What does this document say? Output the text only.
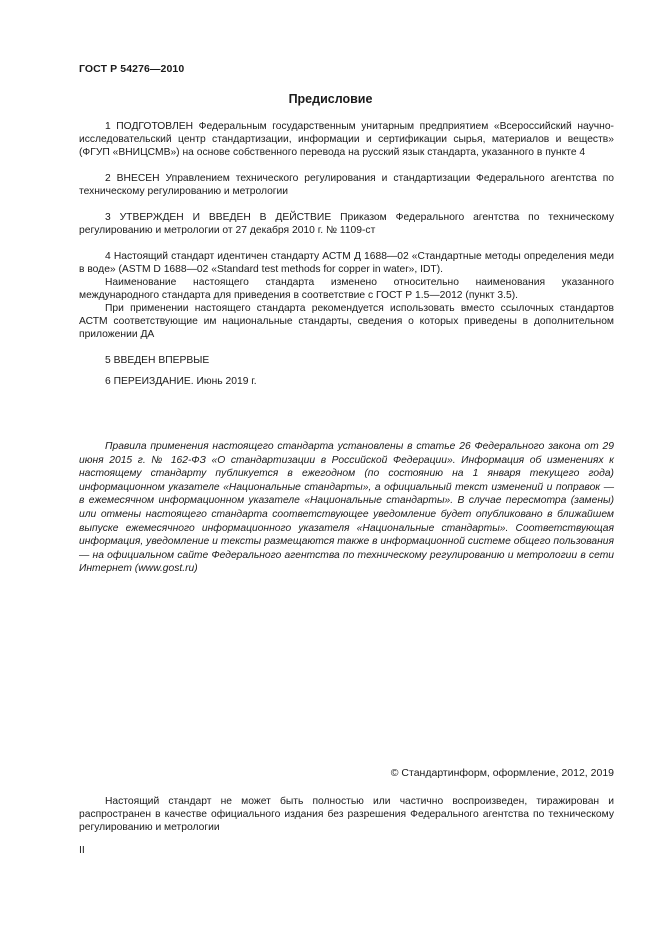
ГОСТ Р 54276—2010
Предисловие

1 ПОДГОТОВЛЕН Федеральным государственным унитарным предприятием «Всероссийский научно-исследовательский центр стандартизации, информации и сертификации сырья, материалов и веществ» (ФГУП «ВНИЦСМВ») на основе собственного перевода на русский язык стандарта, указанного в пункте 4

2 ВНЕСЕН Управлением технического регулирования и стандартизации Федерального агентства по техническому регулированию и метрологии

3 УТВЕРЖДЕН И ВВЕДЕН В ДЕЙСТВИЕ Приказом Федерального агентства по техническому регулированию и метрологии от 27 декабря 2010 г. № 1109-ст

4 Настоящий стандарт идентичен стандарту АСТМ Д 1688—02 «Стандартные методы определения меди в воде» (ASTM D 1688—02 «Standard test methods for copper in water», IDT).

Наименование настоящего стандарта изменено относительно наименования указанного международного стандарта для приведения в соответствие с ГОСТ Р 1.5—2012 (пункт 3.5).

При применении настоящего стандарта рекомендуется использовать вместо ссылочных стандартов АСТМ соответствующие им национальные стандарты, сведения о которых приведены в дополнительном приложении ДА

5 ВВЕДЕН ВПЕРВЫЕ

6 ПЕРЕИЗДАНИЕ. Июнь 2019 г.

Правила применения настоящего стандарта установлены в статье 26 Федерального закона от 29 июня 2015 г. № 162-ФЗ «О стандартизации в Российской Федерации». Информация об изменениях к настоящему стандарту публикуется в ежегодном (по состоянию на 1 января текущего года) информационном указателе «Национальные стандарты», а официальный текст изменений и поправок — в ежемесячном информационном указателе «Национальные стандарты». В случае пересмотра (замены) или отмены настоящего стандарта соответствующее уведомление будет опубликовано в ближайшем выпуске ежемесячного информационного указателя «Национальные стандарты». Соответствующая информация, уведомление и тексты размещаются также в информационной системе общего пользования — на официальном сайте Федерального агентства по техническому регулированию и метрологии в сети Интернет (www.gost.ru)

© Стандартинформ, оформление, 2012, 2019

Настоящий стандарт не может быть полностью или частично воспроизведен, тиражирован и распространен в качестве официального издания без разрешения Федерального агентства по техническому регулированию и метрологии

II
